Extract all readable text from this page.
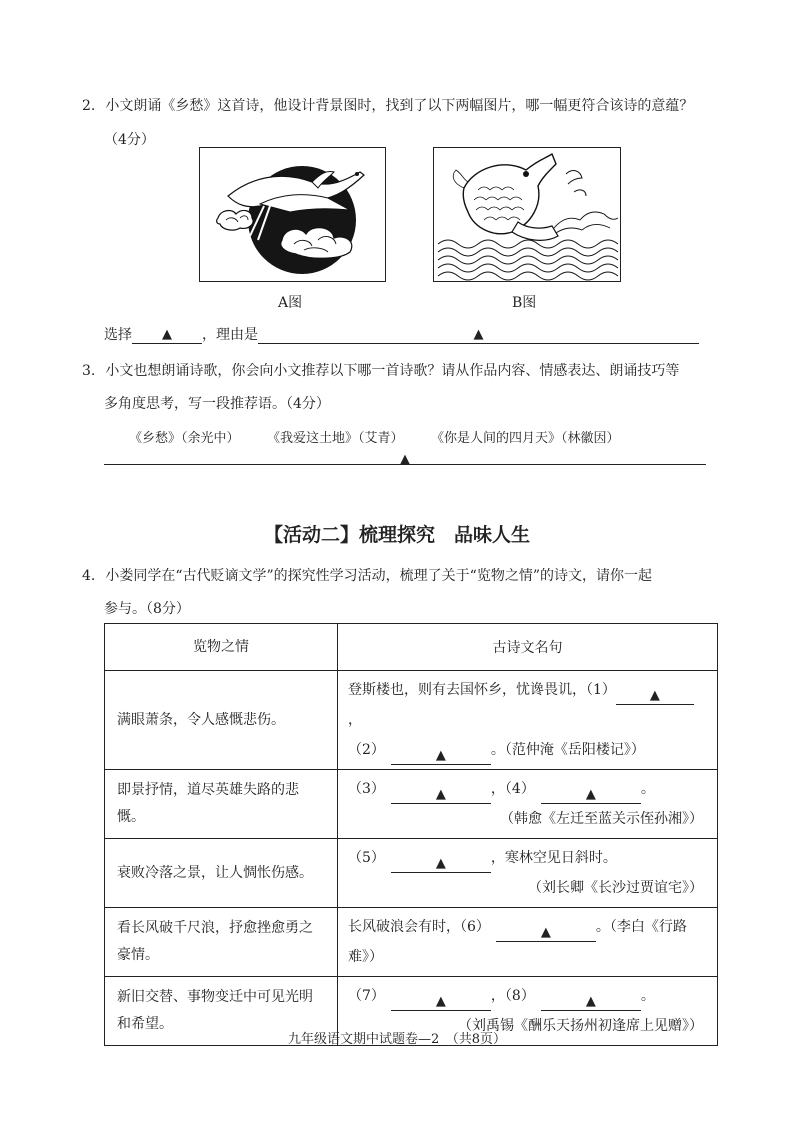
2. 小文朗诵《乡愁》这首诗，他设计背景图时，找到了以下两幅图片，哪一幅更符合该诗的意蕴？
（4分）
A图	B图
选择 ▲ ，理由是	▲
3. 小文也想朗诵诗歌，你会向小文推荐以下哪一首诗歌？请从作品内容、情感表达、朗诵技巧等
多角度思考，写一段推荐语。（4分）
《乡愁》（余光中）	《我爱这土地》（艾青）	《你是人间的四月天》（林徽因）
▲
【活动二】梳理探究　品味人生
4. 小娄同学在“古代贬谪文学”的探究性学习活动，梳理了关于“览物之情”的诗文，请你一起
参与。（8分）
览物之情	古诗文名句
满眼萧条，令人感慨悲伤。	登斯楼也，则有去国怀乡，忧谗畏讥，（1） ▲，
（2） ▲ 。（范仲淹《岳阳楼记》）

即景抒情，道尽英雄失路的悲慨。	（3） ▲ ，（4） ▲ 。
（韩愈《左迁至蓝关示侄孙湘》）

衰败冷落之景，让人惆怅伤感。	（5） ▲ ，寒林空见日斜时。
（刘长卿《长沙过贾谊宅》）

看长风破千尺浪，抒愈挫愈勇之豪情。	长风破浪会有时，（6） ▲ 。（李白《行路难》）

新旧交替、事物变迁中可见光明和希望。	（7） ▲ ，（8） ▲ 。
（刘禹锡《酬乐天扬州初逢席上见赠》）
九年级语文期中试题卷—2　（共8页）
